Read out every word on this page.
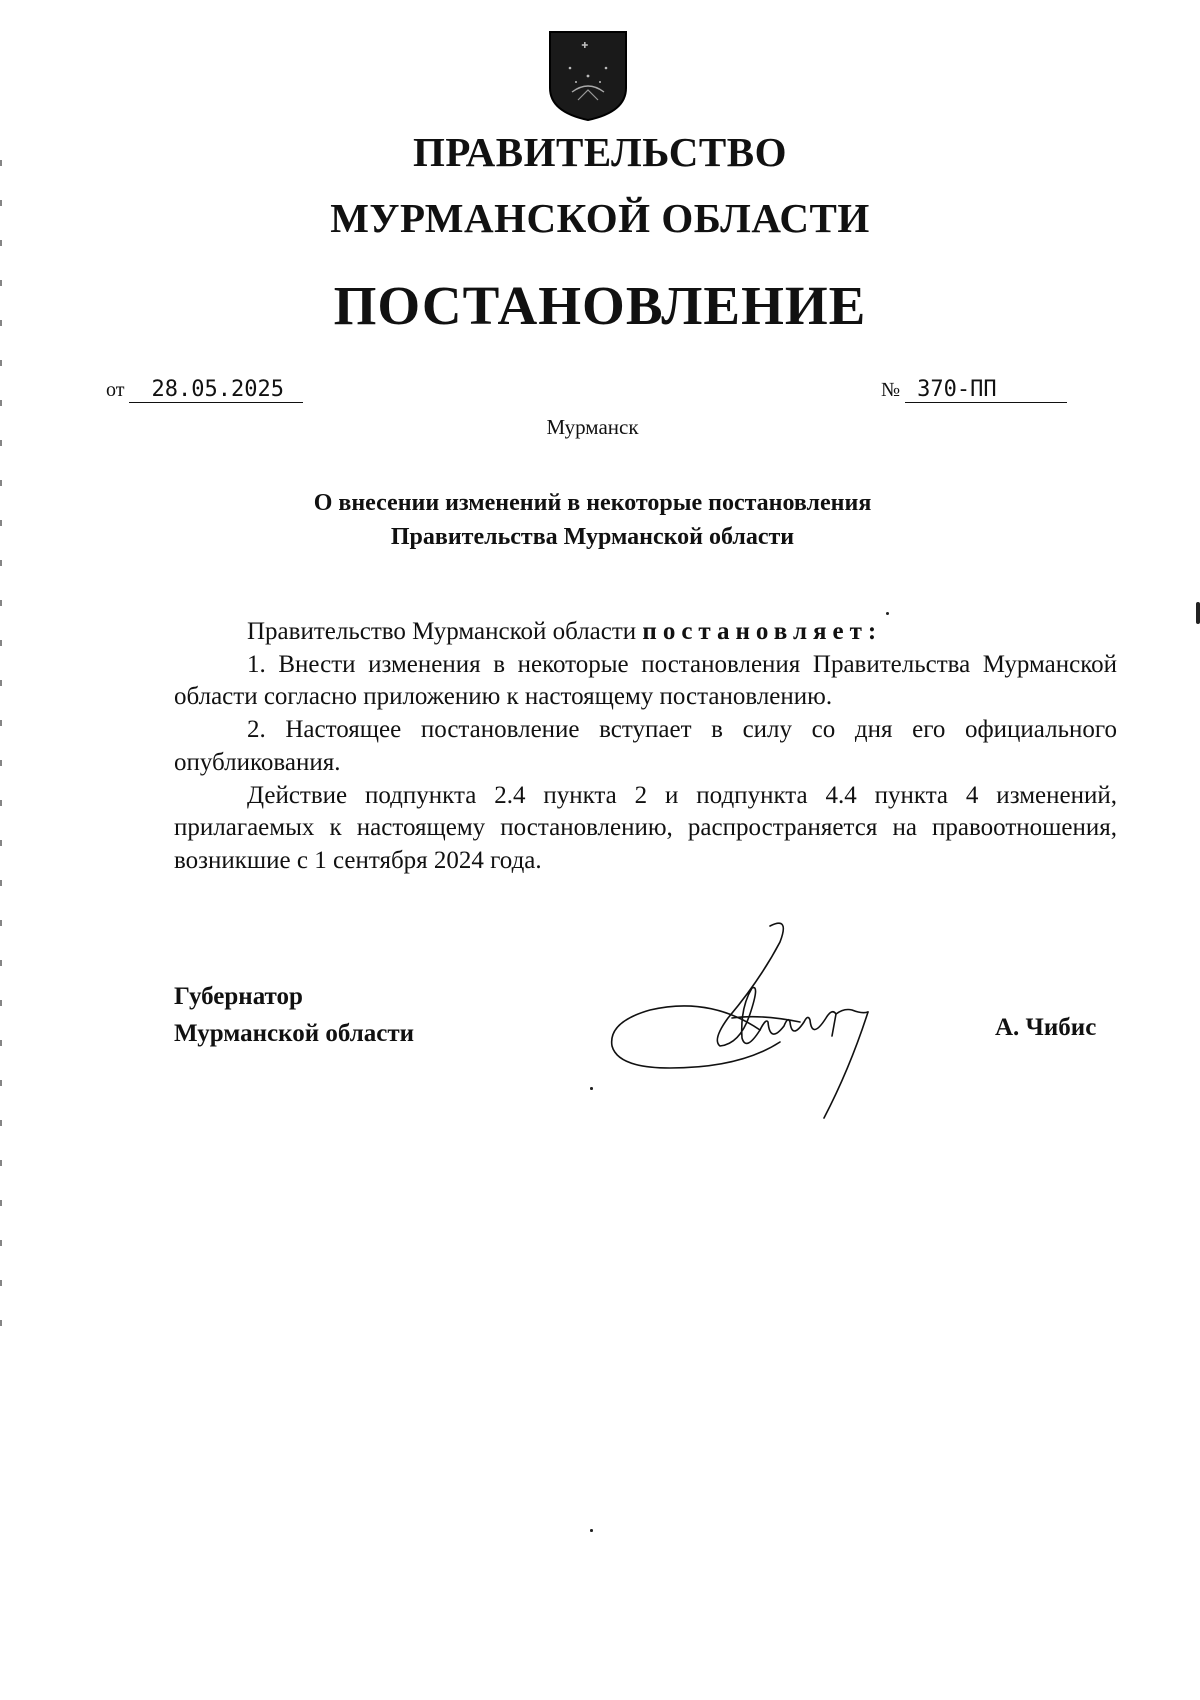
ПРАВИТЕЛЬСТВО
МУРМАНСКОЙ ОБЛАСТИ
ПОСТАНОВЛЕНИЕ
от 28.05.2025	№ 370-ПП
Мурманск
О внесении изменений в некоторые постановления
Правительства Мурманской области

Правительство Мурманской области постановляет:

1. Внести изменения в некоторые постановления Правительства Мурманской области согласно приложению к настоящему постановлению.

2. Настоящее постановление вступает в силу со дня его официального опубликования.

Действие подпункта 2.4 пункта 2 и подпункта 4.4 пункта 4 изменений, прилагаемых к настоящему постановлению, распространяется на правоотношения, возникшие с 1 сентября 2024 года.

Губернатор
Мурманской области	А. Чибис
